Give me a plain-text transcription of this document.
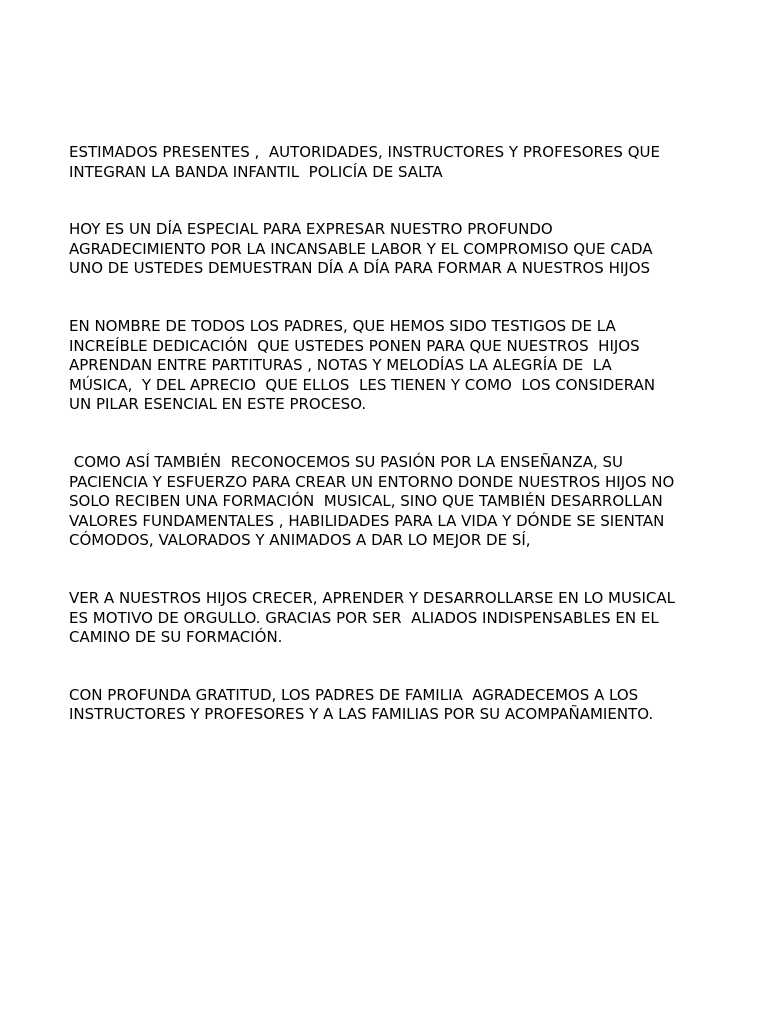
ESTIMADOS PRESENTES ,  AUTORIDADES, INSTRUCTORES Y PROFESORES QUE
INTEGRAN LA BANDA INFANTIL  POLICÍA DE SALTA
HOY ES UN DÍA ESPECIAL PARA EXPRESAR NUESTRO PROFUNDO
AGRADECIMIENTO POR LA INCANSABLE LABOR Y EL COMPROMISO QUE CADA
UNO DE USTEDES DEMUESTRAN DÍA A DÍA PARA FORMAR A NUESTROS HIJOS
EN NOMBRE DE TODOS LOS PADRES, QUE HEMOS SIDO TESTIGOS DE LA
INCREÍBLE DEDICACIÓN  QUE USTEDES PONEN PARA QUE NUESTROS  HIJOS
APRENDAN ENTRE PARTITURAS , NOTAS Y MELODÍAS LA ALEGRÍA DE  LA
MÚSICA,  Y DEL APRECIO  QUE ELLOS  LES TIENEN Y COMO  LOS CONSIDERAN
UN PILAR ESENCIAL EN ESTE PROCESO.
COMO ASÍ TAMBIÉN  RECONOCEMOS SU PASIÓN POR LA ENSEÑANZA, SU
PACIENCIA Y ESFUERZO PARA CREAR UN ENTORNO DONDE NUESTROS HIJOS NO
SOLO RECIBEN UNA FORMACIÓN  MUSICAL, SINO QUE TAMBIÉN DESARROLLAN
VALORES FUNDAMENTALES , HABILIDADES PARA LA VIDA Y DÓNDE SE SIENTAN
CÓMODOS, VALORADOS Y ANIMADOS A DAR LO MEJOR DE SÍ,
VER A NUESTROS HIJOS CRECER, APRENDER Y DESARROLLARSE EN LO MUSICAL
ES MOTIVO DE ORGULLO. GRACIAS POR SER  ALIADOS INDISPENSABLES EN EL
CAMINO DE SU FORMACIÓN.
CON PROFUNDA GRATITUD, LOS PADRES DE FAMILIA  AGRADECEMOS A LOS
INSTRUCTORES Y PROFESORES Y A LAS FAMILIAS POR SU ACOMPAÑAMIENTO.
